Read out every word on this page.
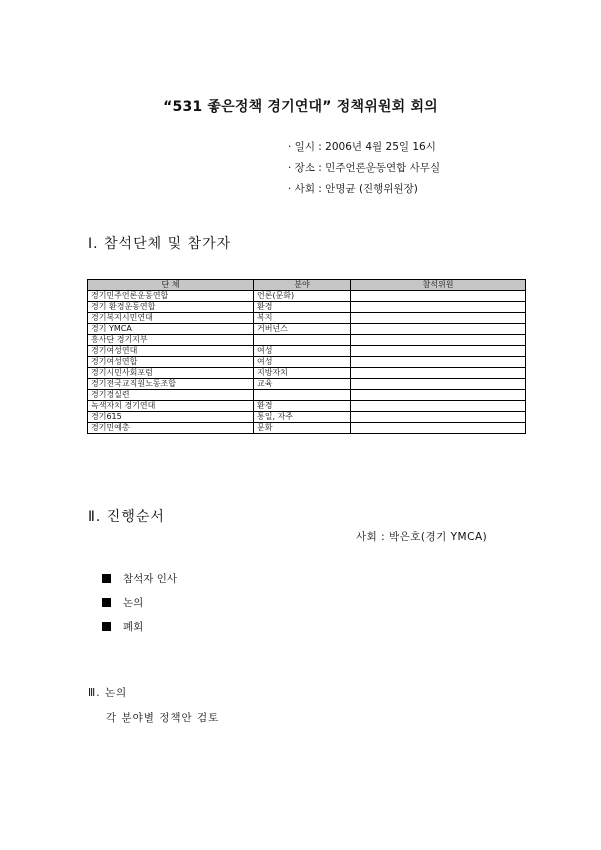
“531 좋은정책 경기연대” 정책위원회 회의
· 일시 : 2006년 4월 25일 16시
· 장소 : 민주언론운동연합 사무실
· 사회 : 안명균 (진행위원장)
Ⅰ. 참석단체 및 참가자
단 체	분야	참석위원
경기민주언론운동연합	언론(문화)	
경기 환경운동연합	환경	
경기복지시민연대	복지	
경기 YMCA	거버넌스	
흥사단 경기지부		
경기여성연대	여성	
경기여성연합	여성	
경기시민사회포럼	지방자치	
경기전국교직원노동조합	교육	
경기경실련		
녹색자치 경기연대	환경	
경기615	통일, 자주	
경기민예총	문화	
Ⅱ. 진행순서
사회 : 박은호(경기 YMCA)
참석자 인사
논의
폐회
Ⅲ. 논의
각 분야별 정책안 검토
